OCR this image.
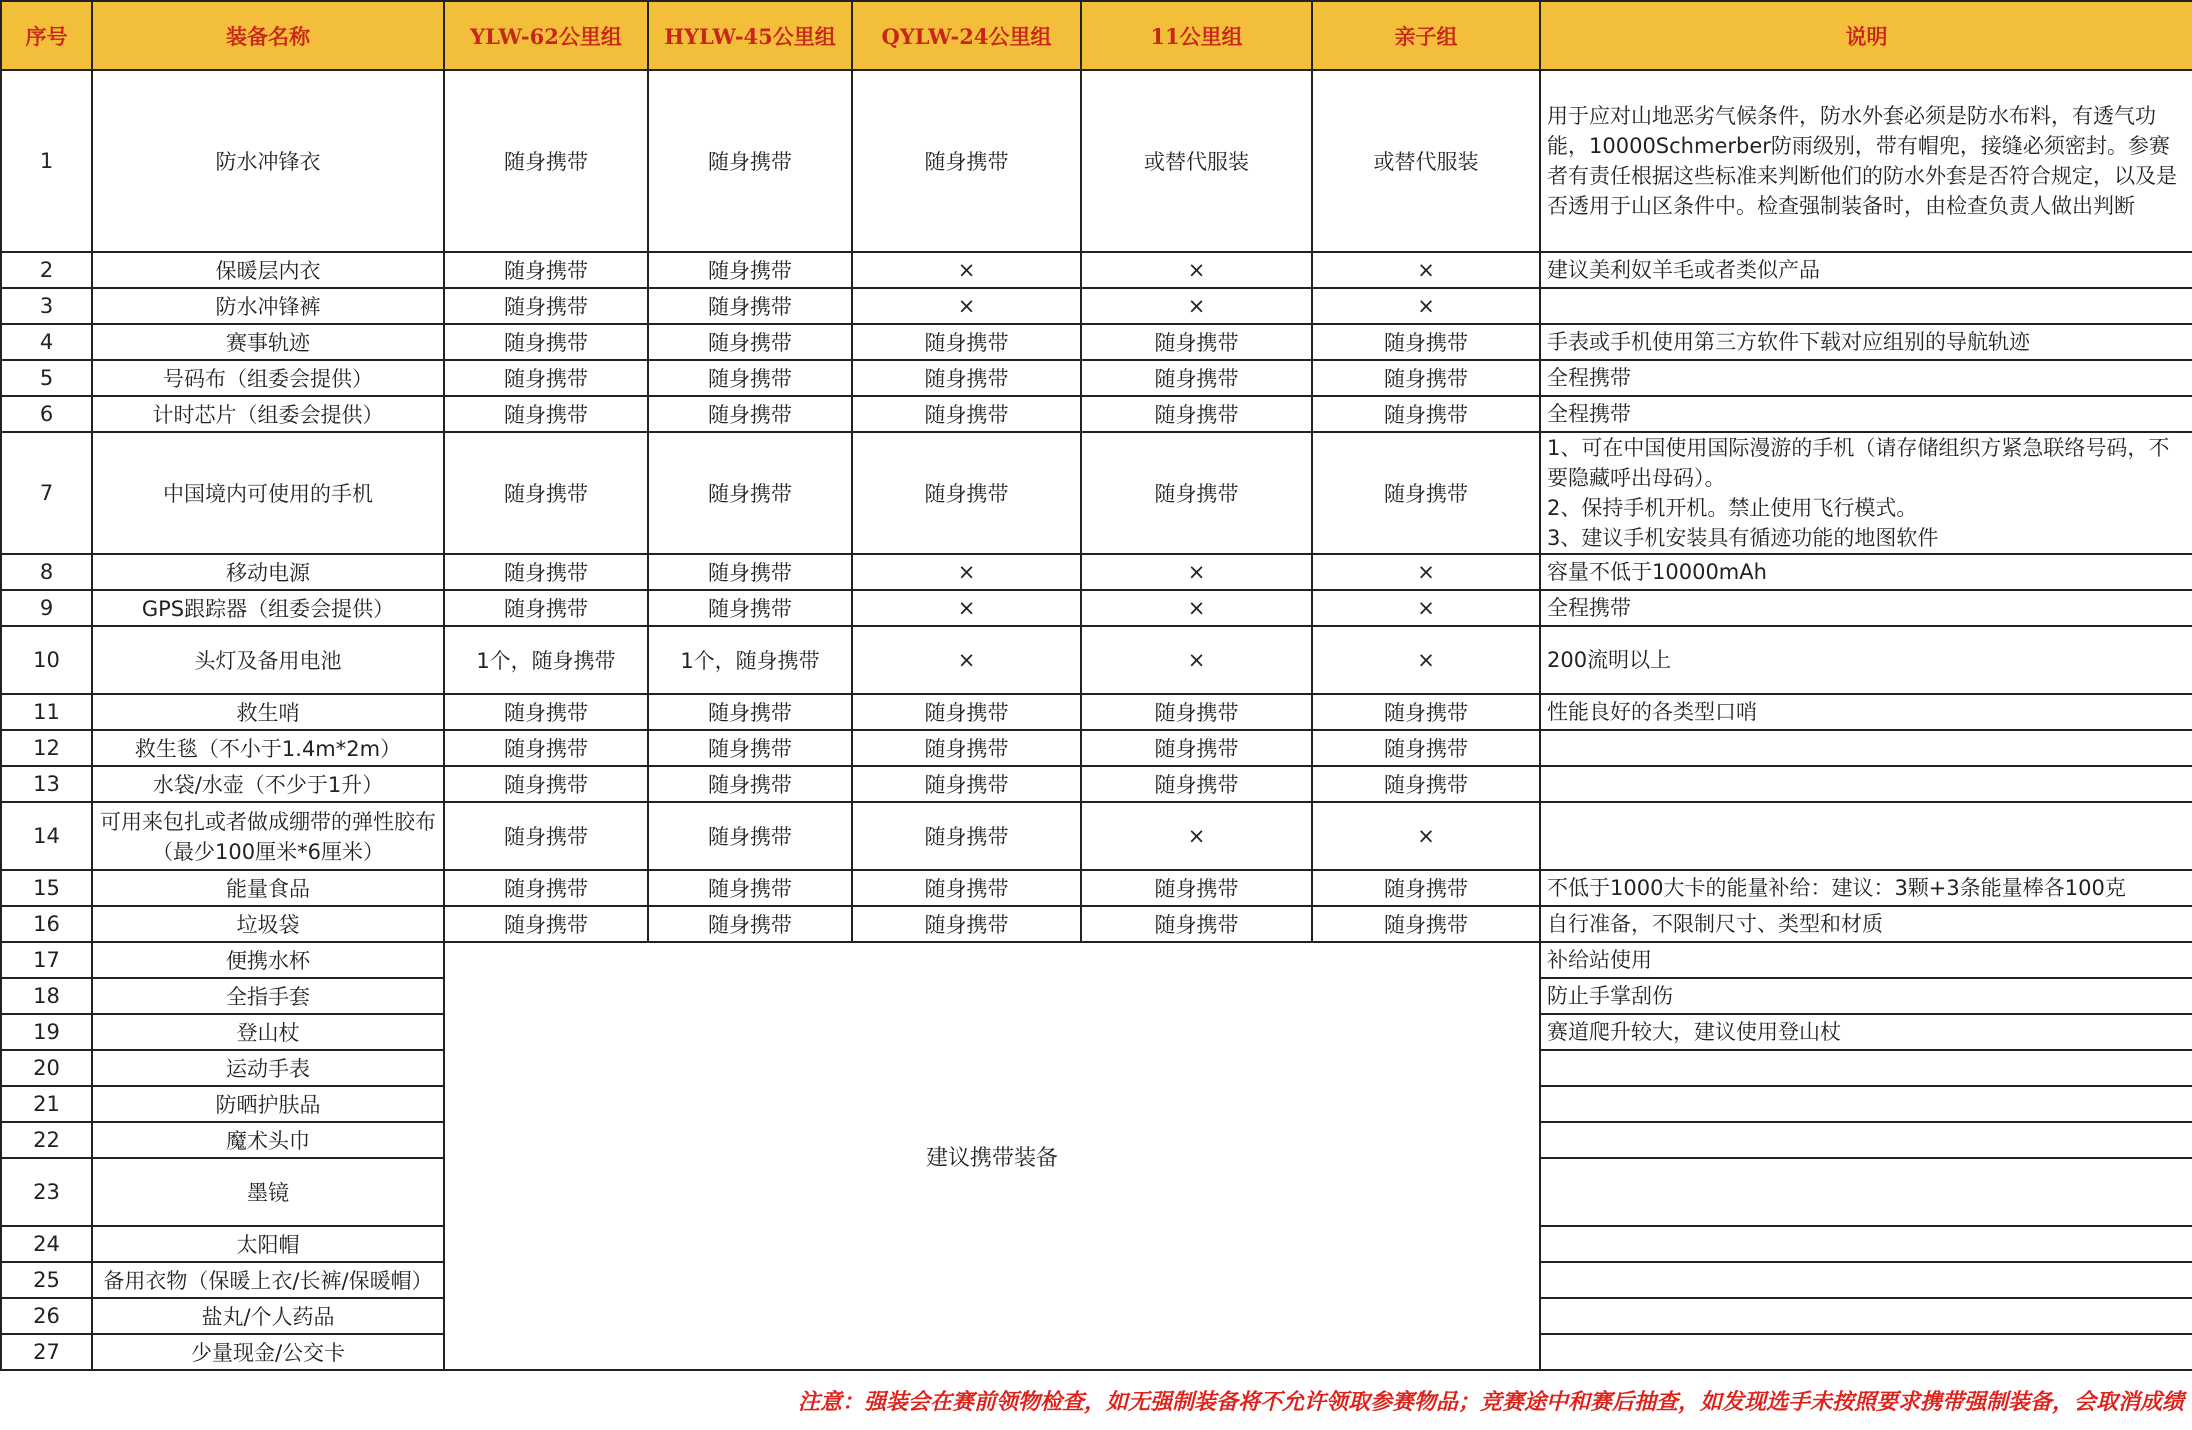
序号	装备名称	YLW-62公里组	HYLW-45公里组	QYLW-24公里组	11公里组	亲子组	说明
1	防水冲锋衣	随身携带	随身携带	随身携带	或替代服装	或替代服装	用于应对山地恶劣气候条件，防水外套必须是防水布料，有透气功能，10000Schmerber防雨级别，带有帽兜，接缝必须密封。参赛者有责任根据这些标准来判断他们的防水外套是否符合规定，以及是否透用于山区条件中。检查强制装备时，由检查负责人做出判断
2	保暖层内衣	随身携带	随身携带	×	×	×	建议美利奴羊毛或者类似产品
3	防水冲锋裤	随身携带	随身携带	×	×	×	
4	赛事轨迹	随身携带	随身携带	随身携带	随身携带	随身携带	手表或手机使用第三方软件下载对应组别的导航轨迹
5	号码布（组委会提供）	随身携带	随身携带	随身携带	随身携带	随身携带	全程携带
6	计时芯片（组委会提供）	随身携带	随身携带	随身携带	随身携带	随身携带	全程携带
7	中国境内可使用的手机	随身携带	随身携带	随身携带	随身携带	随身携带	1、可在中国使用国际漫游的手机（请存储组织方紧急联络号码，不要隐藏呼出母码）。
2、保持手机开机。禁止使用飞行模式。
3、建议手机安装具有循迹功能的地图软件
8	移动电源	随身携带	随身携带	×	×	×	容量不低于10000mAh
9	GPS跟踪器（组委会提供）	随身携带	随身携带	×	×	×	全程携带
10	头灯及备用电池	1个，随身携带	1个，随身携带	×	×	×	200流明以上
11	救生哨	随身携带	随身携带	随身携带	随身携带	随身携带	性能良好的各类型口哨
12	救生毯（不小于1.4m*2m）	随身携带	随身携带	随身携带	随身携带	随身携带	
13	水袋/水壶（不少于1升）	随身携带	随身携带	随身携带	随身携带	随身携带	
14	可用来包扎或者做成绷带的弹性胶布（最少100厘米*6厘米）	随身携带	随身携带	随身携带	×	×	
15	能量食品	随身携带	随身携带	随身携带	随身携带	随身携带	不低于1000大卡的能量补给：建议：3颗+3条能量棒各100克
16	垃圾袋	随身携带	随身携带	随身携带	随身携带	随身携带	自行准备，不限制尺寸、类型和材质
17	便携水杯	建议携带装备					补给站使用
18	全指手套						防止手掌刮伤
19	登山杖						赛道爬升较大，建议使用登山杖
20	运动手表						
21	防晒护肤品						
22	魔术头巾						
23	墨镜						
24	太阳帽						
25	备用衣物（保暖上衣/长裤/保暖帽）						
26	盐丸/个人药品						
27	少量现金/公交卡						
注意：强装会在赛前领物检查，如无强制装备将不允许领取参赛物品；竞赛途中和赛后抽查，如发现选手未按照要求携带强制装备，会取消成绩
